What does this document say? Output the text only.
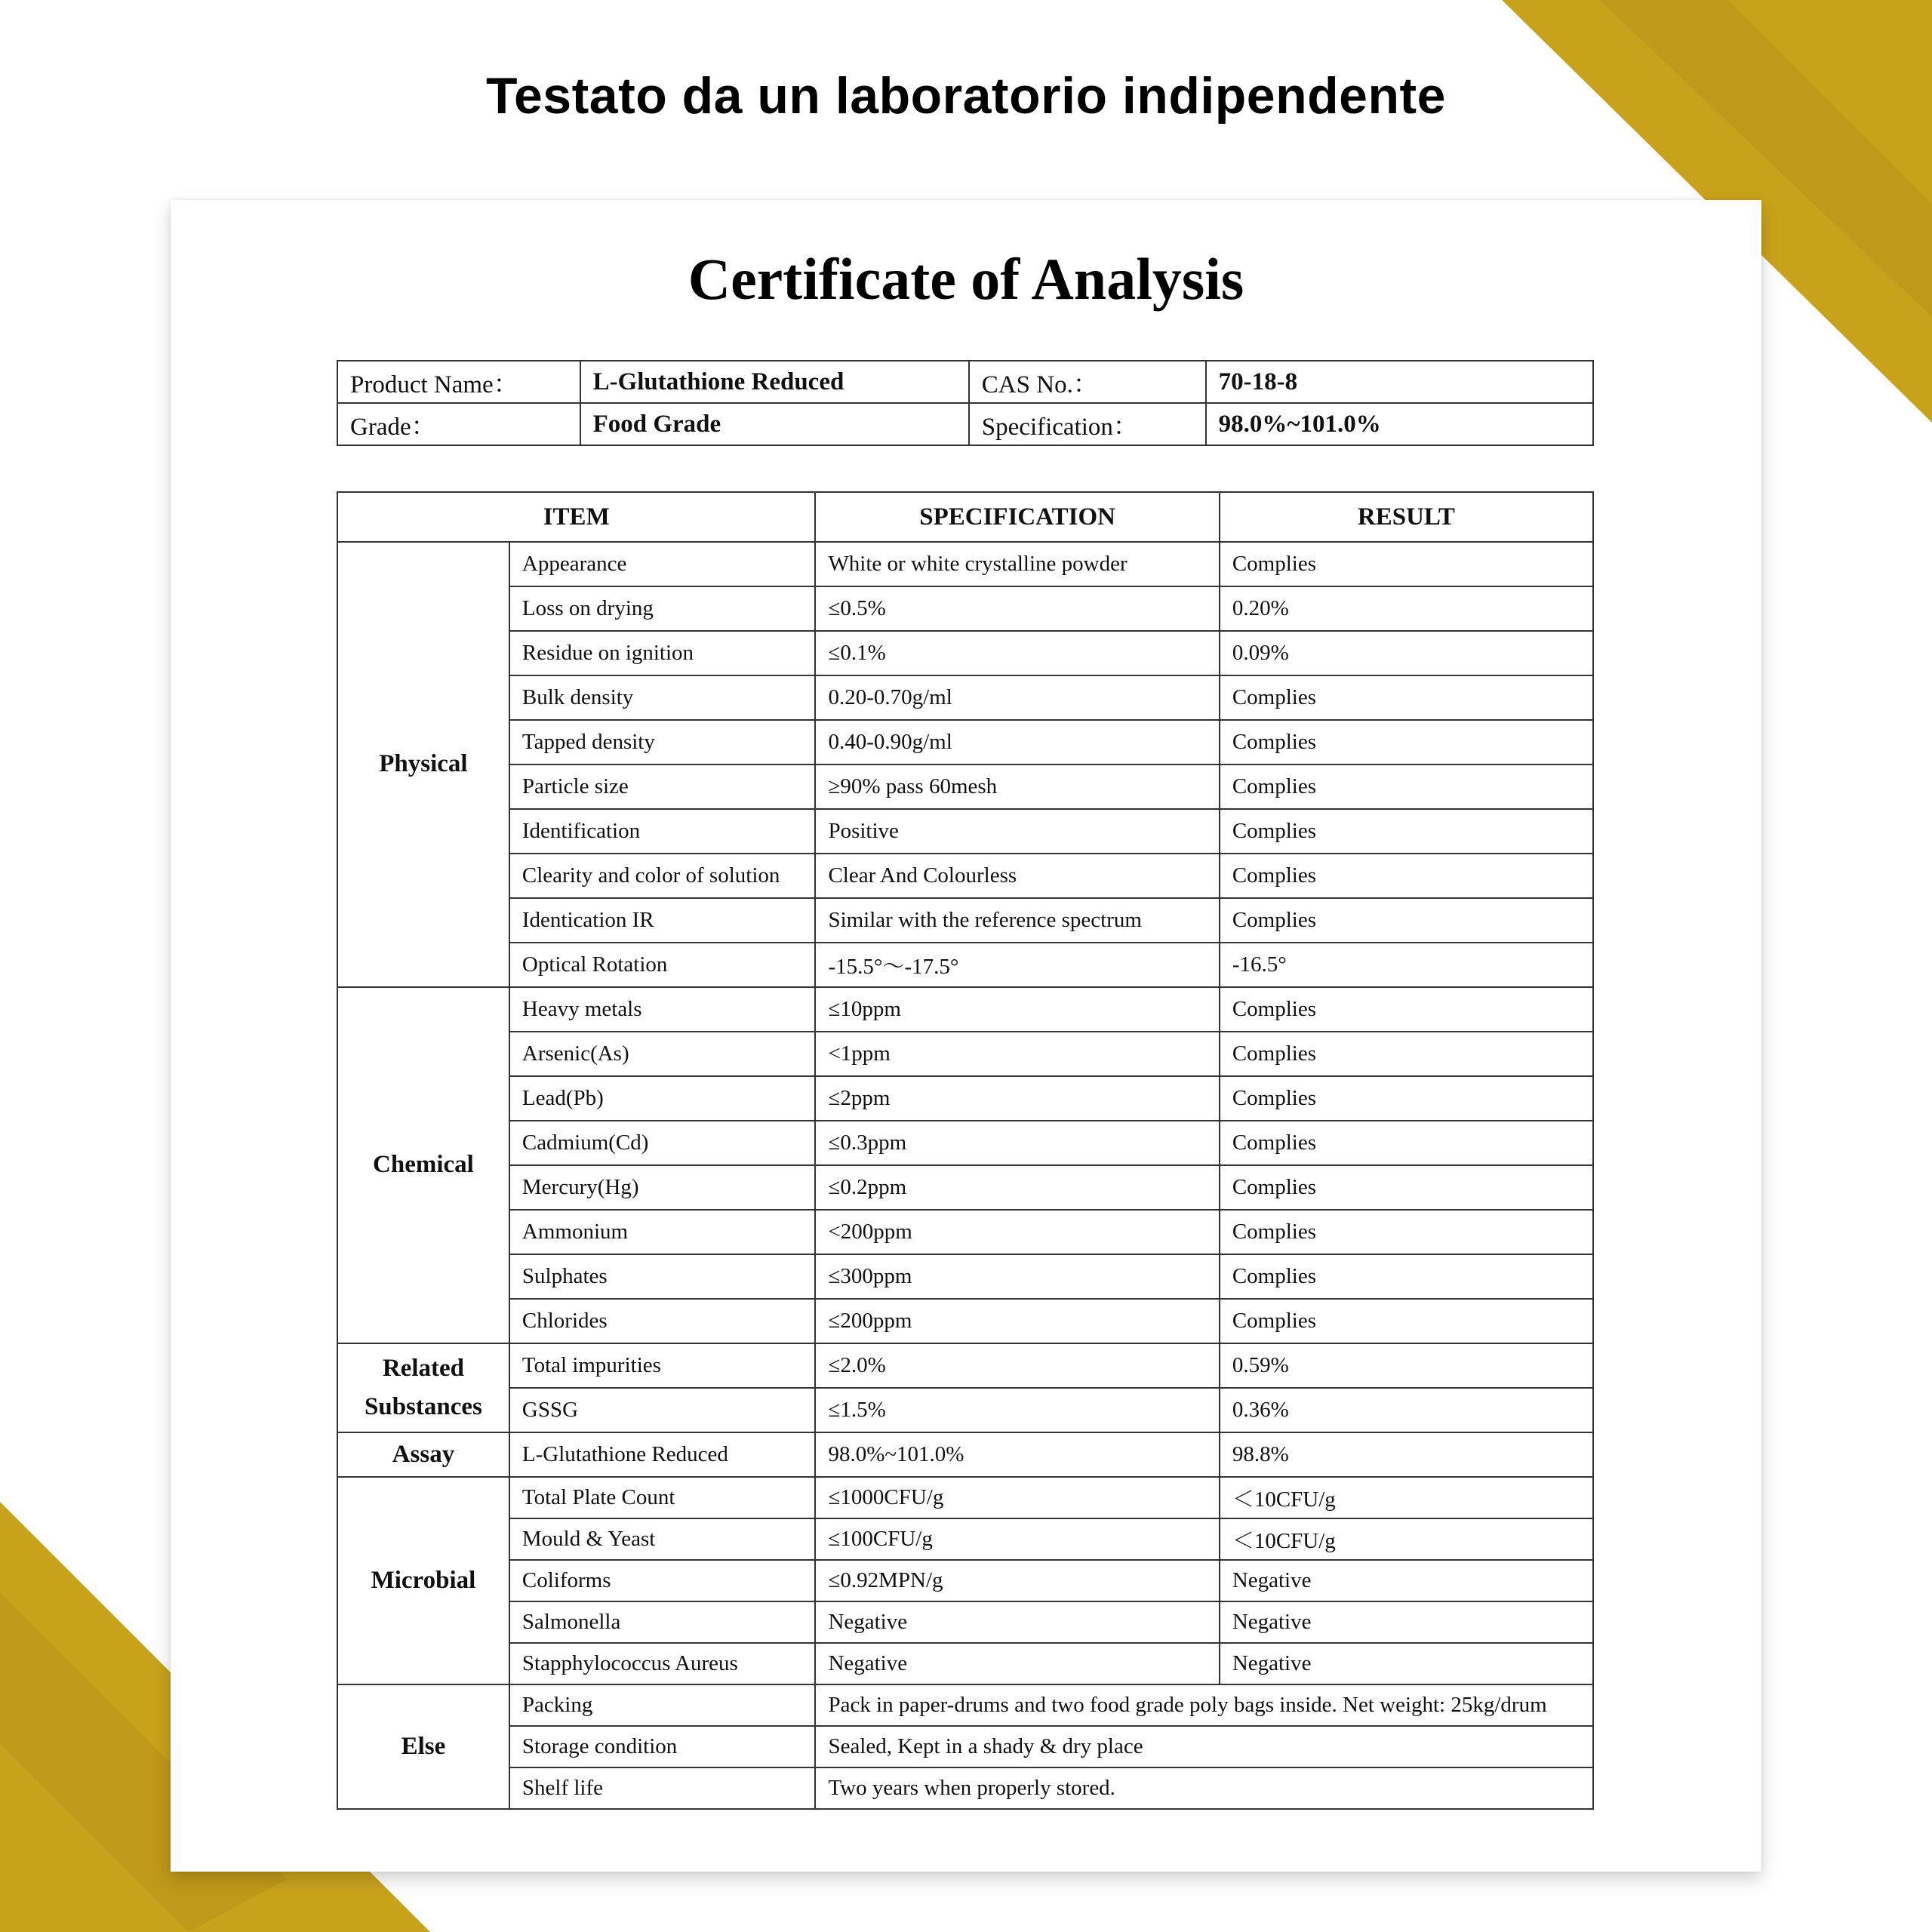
Testato da un laboratorio indipendente
Certificate of Analysis
Product Name：	L-Glutathione Reduced	CAS No.：	70-18-8
Grade：	Food Grade	Specification：	98.0%~101.0%
ITEM		SPECIFICATION	RESULT
Physical	Appearance	White or white crystalline powder	Complies
	Loss on drying	≤0.5%	0.20%
	Residue on ignition	≤0.1%	0.09%
	Bulk density	0.20-0.70g/ml	Complies
	Tapped density	0.40-0.90g/ml	Complies
	Particle size	≥90% pass 60mesh	Complies
	Identification	Positive	Complies
	Clearity and color of solution	Clear And Colourless	Complies
	Identication IR	Similar with the reference spectrum	Complies
	Optical Rotation	-15.5°～-17.5°	-16.5°
Chemical	Heavy metals	≤10ppm	Complies
	Arsenic(As)	<1ppm	Complies
	Lead(Pb)	≤2ppm	Complies
	Cadmium(Cd)	≤0.3ppm	Complies
	Mercury(Hg)	≤0.2ppm	Complies
	Ammonium	<200ppm	Complies
	Sulphates	≤300ppm	Complies
	Chlorides	≤200ppm	Complies

Related
Substances	Total impurities	≤2.0%	0.59%
	GSSG	≤1.5%	0.36%
Assay	L-Glutathione Reduced	98.0%~101.0%	98.8%
Microbial	Total Plate Count	≤1000CFU/g	＜10CFU/g
	Mould & Yeast	≤100CFU/g	＜10CFU/g
	Coliforms	≤0.92MPN/g	Negative
	Salmonella	Negative	Negative
	Stapphylococcus Aureus	Negative	Negative
Else	Packing	Pack in paper-drums and two food grade poly bags inside. Net weight: 25kg/drum	
	Storage condition	Sealed, Kept in a shady & dry place	
	Shelf life	Two years when properly stored.	
